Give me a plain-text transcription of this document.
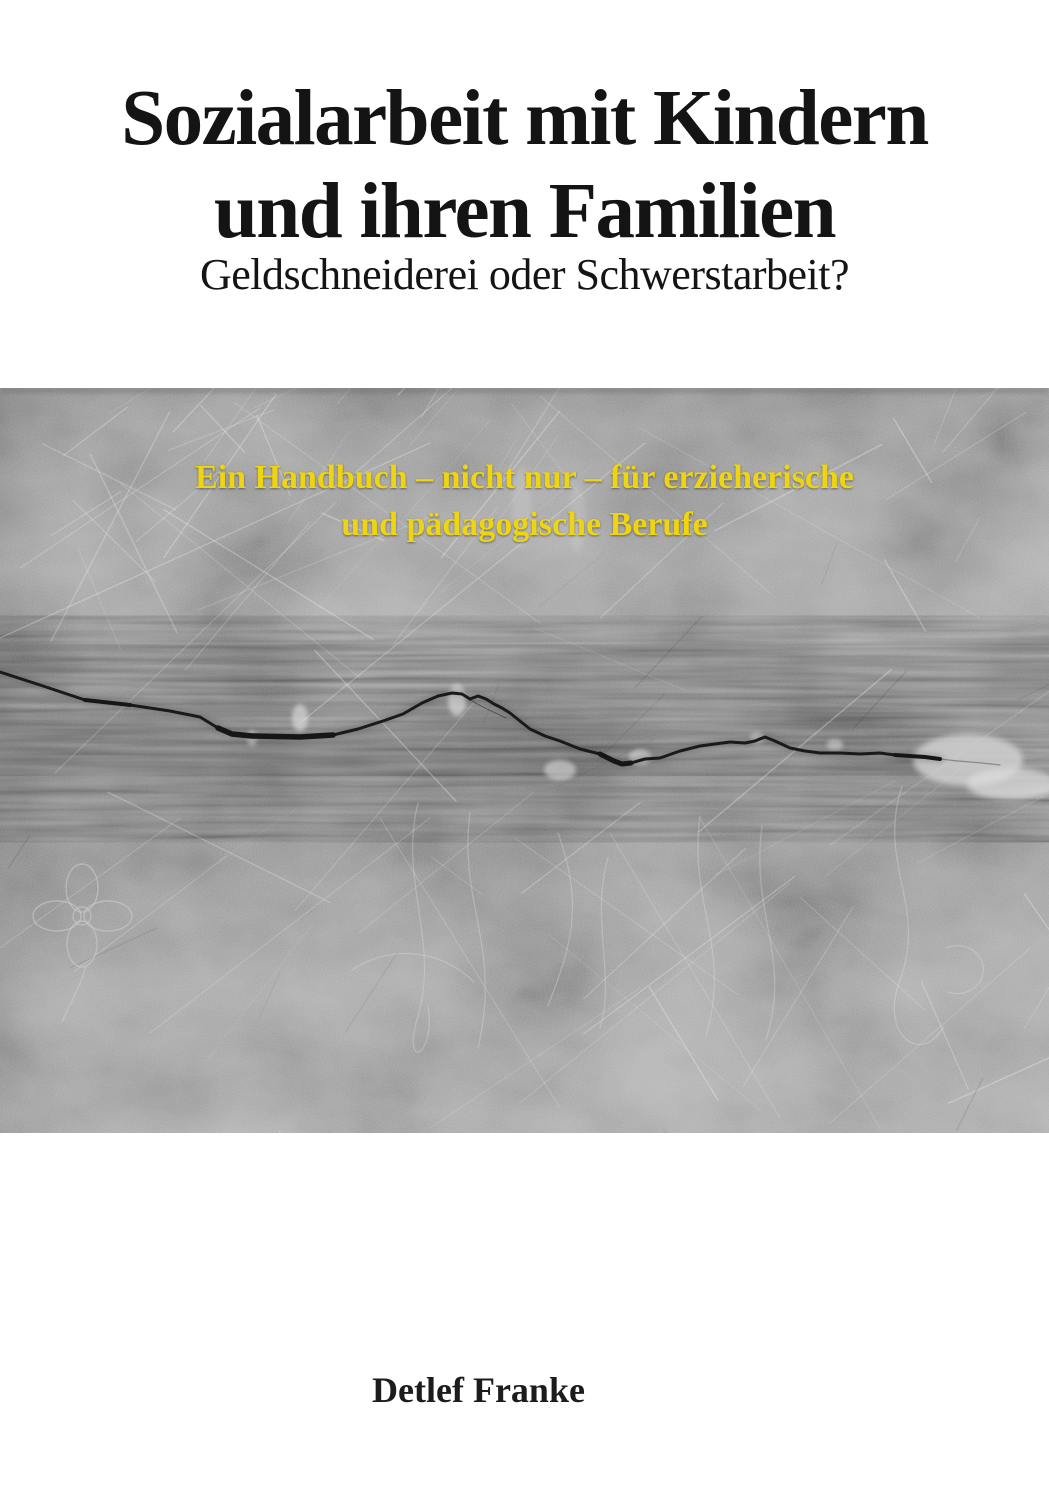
Sozialarbeit mit Kindern
und ihren Familien
Geldschneiderei oder Schwerstarbeit?
Ein Handbuch – nicht nur – für erzieherische
und pädagogische Berufe
Detlef Franke
